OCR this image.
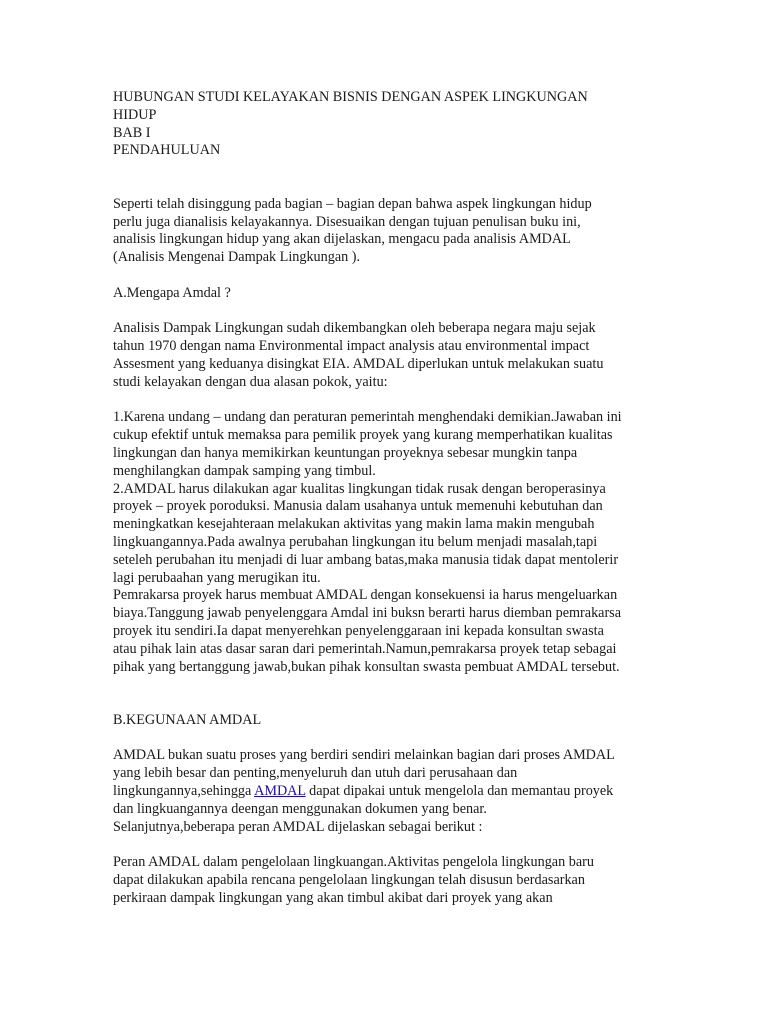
HUBUNGAN STUDI KELAYAKAN BISNIS DENGAN ASPEK LINGKUNGAN
HIDUP
BAB I
PENDAHULUAN
Seperti telah disinggung pada bagian – bagian depan bahwa aspek lingkungan hidup
perlu juga dianalisis kelayakannya. Disesuaikan dengan tujuan penulisan buku ini,
analisis lingkungan hidup yang akan dijelaskan, mengacu pada analisis AMDAL
(Analisis Mengenai Dampak Lingkungan ).
A.Mengapa Amdal ?
Analisis Dampak Lingkungan sudah dikembangkan oleh beberapa negara maju sejak
tahun 1970 dengan nama Environmental impact analysis atau environmental impact
Assesment yang keduanya disingkat EIA. AMDAL diperlukan untuk melakukan suatu
studi kelayakan dengan dua alasan pokok, yaitu:
1.Karena undang – undang dan peraturan pemerintah menghendaki demikian.Jawaban ini
cukup efektif untuk memaksa para pemilik proyek yang kurang memperhatikan kualitas
lingkungan dan hanya memikirkan keuntungan proyeknya sebesar mungkin tanpa
menghilangkan dampak samping yang timbul.
2.AMDAL harus dilakukan agar kualitas lingkungan tidak rusak dengan beroperasinya
proyek – proyek poroduksi. Manusia dalam usahanya untuk memenuhi kebutuhan dan
meningkatkan kesejahteraan melakukan aktivitas yang makin lama makin mengubah
lingkuangannya.Pada awalnya perubahan lingkungan itu belum menjadi masalah,tapi
seteleh perubahan itu menjadi di luar ambang batas,maka manusia tidak dapat mentolerir
lagi perubaahan yang merugikan itu.
Pemrakarsa proyek harus membuat AMDAL dengan konsekuensi ia harus mengeluarkan
biaya.Tanggung jawab penyelenggara Amdal ini buksn berarti harus diemban pemrakarsa
proyek itu sendiri.Ia dapat menyerehkan penyelenggaraan ini kepada konsultan swasta
atau pihak lain atas dasar saran dari pemerintah.Namun,pemrakarsa proyek tetap sebagai
pihak yang bertanggung jawab,bukan pihak konsultan swasta pembuat AMDAL tersebut.
B.KEGUNAAN AMDAL
AMDAL bukan suatu proses yang berdiri sendiri melainkan bagian dari proses AMDAL
yang lebih besar dan penting,menyeluruh dan utuh dari perusahaan dan
lingkungannya,sehingga AMDAL dapat dipakai untuk mengelola dan memantau proyek
dan lingkuangannya deengan menggunakan dokumen yang benar.
Selanjutnya,beberapa peran AMDAL dijelaskan sebagai berikut :
Peran AMDAL dalam pengelolaan lingkuangan.Aktivitas pengelola lingkungan baru
dapat dilakukan apabila rencana pengelolaan lingkungan telah disusun berdasarkan
perkiraan dampak lingkungan yang akan timbul akibat dari proyek yang akan
